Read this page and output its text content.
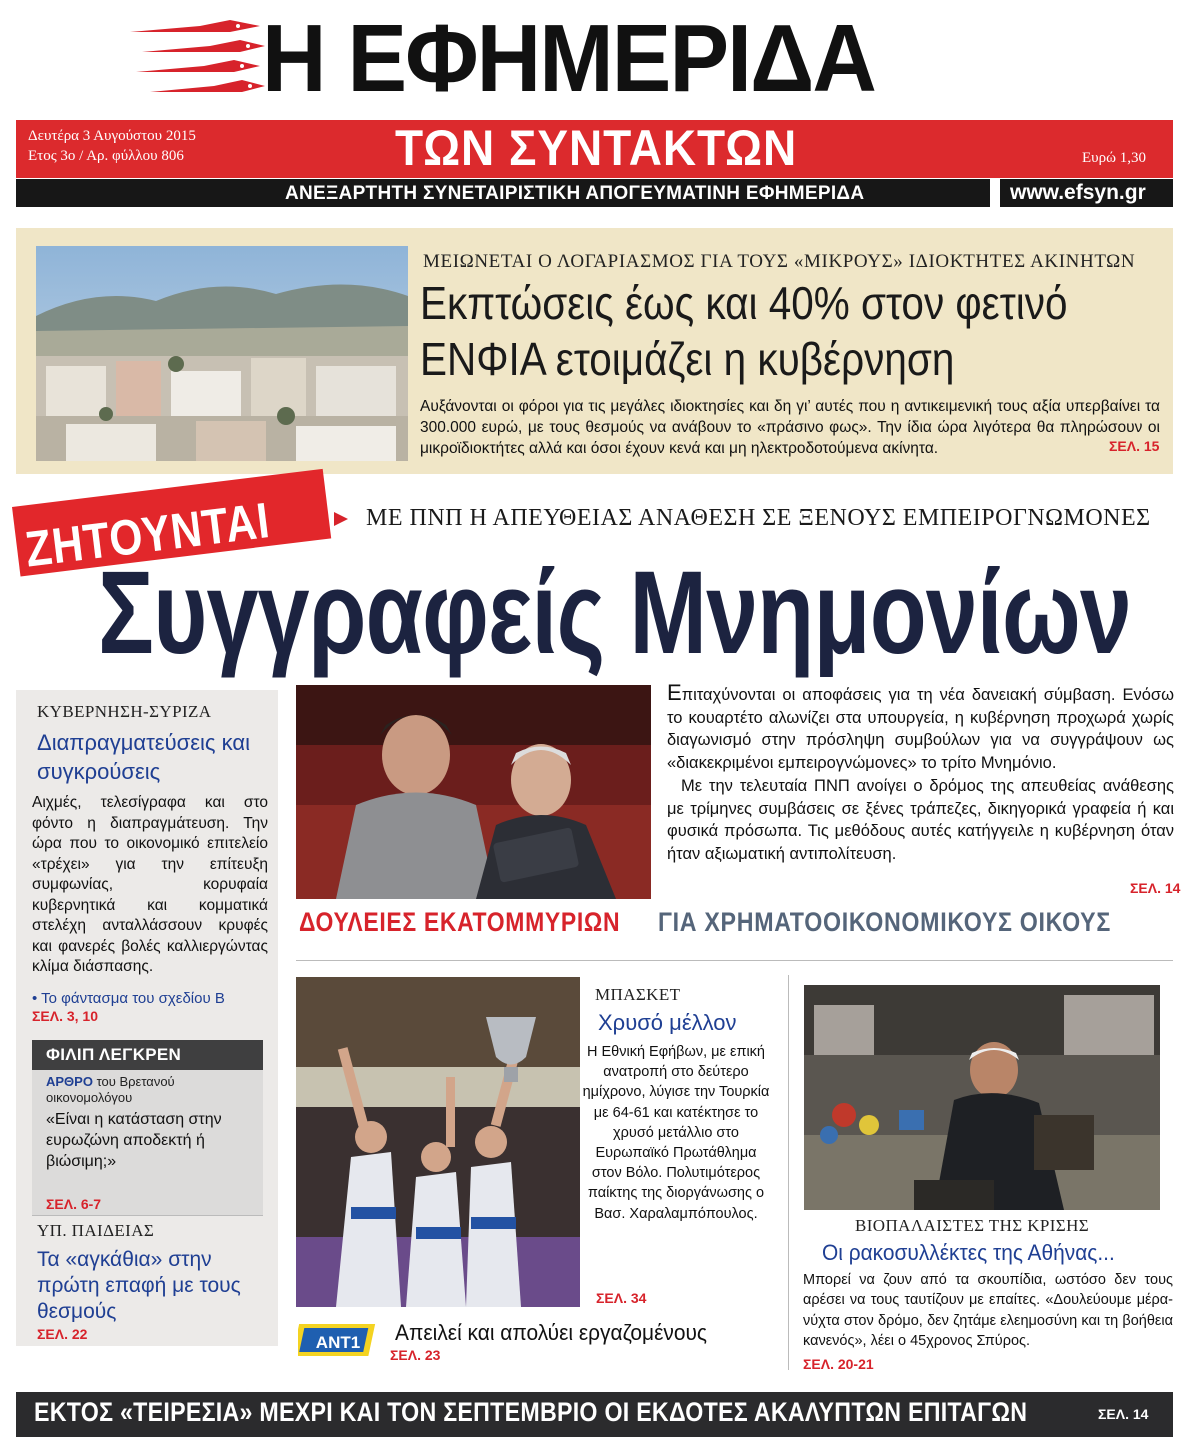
Η ΕΦΗΜΕΡΙΔΑ
Δευτέρα 3 Αυγούστου 2015
Ετος 3ο / Αρ. φύλλου 806	ΤΩΝ ΣΥΝΤΑΚΤΩΝ	Ευρώ 1,30
ΑΝΕΞΑΡΤΗΤΗ ΣΥΝΕΤΑΙΡΙΣΤΙΚΗ ΑΠΟΓΕΥΜΑΤΙΝΗ ΕΦΗΜΕΡΙΔΑ	www.efsyn.gr
ΜΕΙΩΝΕΤΑΙ Ο ΛΟΓΑΡΙΑΣΜΟΣ ΓΙΑ ΤΟΥΣ «ΜΙΚΡΟΥΣ» ΙΔΙΟΚΤΗΤΕΣ ΑΚΙΝΗΤΩΝ
Εκπτώσεις έως και 40% στον φετινό
ΕΝΦΙΑ ετοιμάζει η κυβέρνηση
Αυξάνονται οι φόροι για τις μεγάλες ιδιοκτησίες και δη γι’ αυτές που η αντικειμενική τους αξία υπερβαίνει τα 300.000 ευρώ, με τους θεσμούς να ανάβουν το «πράσινο φως». Την ίδια ώρα λιγότερα θα πληρώσουν οι μικροϊδιοκτήτες αλλά και όσοι έχουν κενά και μη ηλεκτροδοτούμενα ακίνητα.	ΣΕΛ. 15
ΖΗΤΟΥΝΤΑΙ	ΜΕ ΠΝΠ Η ΑΠΕΥΘΕΙΑΣ ΑΝΑΘΕΣΗ ΣΕ ΞΕΝΟΥΣ ΕΜΠΕΙΡΟΓΝΩΜΟΝΕΣ
Συγγραφείς Μνημονίων
ΚΥΒΕΡΝΗΣΗ-ΣΥΡΙΖΑ
Διαπραγματεύσεις και συγκρούσεις
Αιχμές, τελεσίγραφα και στο φόντο η διαπραγμάτευση. Την ώρα που το οικονομικό επιτελείο «τρέχει» για την επίτευξη συμφωνίας, κορυφαία κυβερνητικά και κομματικά στελέχη ανταλλάσσουν κρυφές και φανερές βολές καλλιεργώντας κλίμα διάσπασης.
• Το φάντασμα του σχεδίου Β
ΣΕΛ. 3, 10
ΦΙΛΙΠ ΛΕΓΚΡΕΝ
ΑΡΘΡΟ του Βρετανού οικονομολόγου
«Είναι η κατάσταση στην ευρωζώνη αποδεκτή ή βιώσιμη;»
ΣΕΛ. 6-7
ΥΠ. ΠΑΙΔΕΙΑΣ
Τα «αγκάθια» στην πρώτη επαφή με τους θεσμούς
ΣΕΛ. 22

Επιταχύνονται οι αποφάσεις για τη νέα δανειακή σύμβαση. Ενόσω το κουαρτέτο αλωνίζει στα υπουργεία, η κυβέρνηση προχωρά χωρίς διαγωνισμό στην πρόσληψη συμβούλων για να συγγράψουν ως «διακεκριμένοι εμπειρογνώμονες» το τρίτο Μνημόνιο.

Με την τελευταία ΠΝΠ ανοίγει ο δρόμος της απευθείας ανάθεσης με τρίμηνες συμβάσεις σε ξένες τράπεζες, δικηγορικά γραφεία ή και φυσικά πρόσωπα. Τις μεθόδους αυτές κατήγγειλε η κυβέρνηση όταν ήταν αξιωματική αντιπολίτευση.

ΣΕΛ. 14
ΔΟΥΛΕΙΕΣ ΕΚΑΤΟΜΜΥΡΙΩΝ ΓΙΑ ΧΡΗΜΑΤΟΟΙΚΟΝΟΜΙΚΟΥΣ ΟΙΚΟΥΣ
ΜΠΑΣΚΕΤ
Χρυσό μέλλον
Η Εθνική Εφήβων, με επική ανατροπή στο δεύτερο ημίχρονο, λύγισε την Τουρκία με 64-61 και κατέκτησε το χρυσό μετάλλιο στο Ευρωπαϊκό Πρωτάθλημα στον Βόλο. Πολυτιμότερος παίκτης της διοργάνωσης ο Βασ. Χαραλαμπόπουλος.
ΣΕΛ. 34
ANT1 Απειλεί και απολύει εργαζομένους
ΣΕΛ. 23
ΒΙΟΠΑΛΑΙΣΤΕΣ ΤΗΣ ΚΡΙΣΗΣ
Οι ρακοσυλλέκτες της Αθήνας...
Μπορεί να ζουν από τα σκουπίδια, ωστόσο δεν τους αρέσει να τους ταυτίζουν με επαίτες. «Δουλεύουμε μέρα-νύχτα στον δρόμο, δεν ζητάμε ελεημοσύνη και τη βοήθεια κανενός», λέει ο 45χρονος Σπύρος.
ΣΕΛ. 20-21
ΕΚΤΟΣ «ΤΕΙΡΕΣΙΑ» ΜΕΧΡΙ ΚΑΙ ΤΟΝ ΣΕΠΤΕΜΒΡΙΟ ΟΙ ΕΚΔΟΤΕΣ ΑΚΑΛΥΠΤΩΝ ΕΠΙΤΑΓΩΝ	ΣΕΛ. 14
